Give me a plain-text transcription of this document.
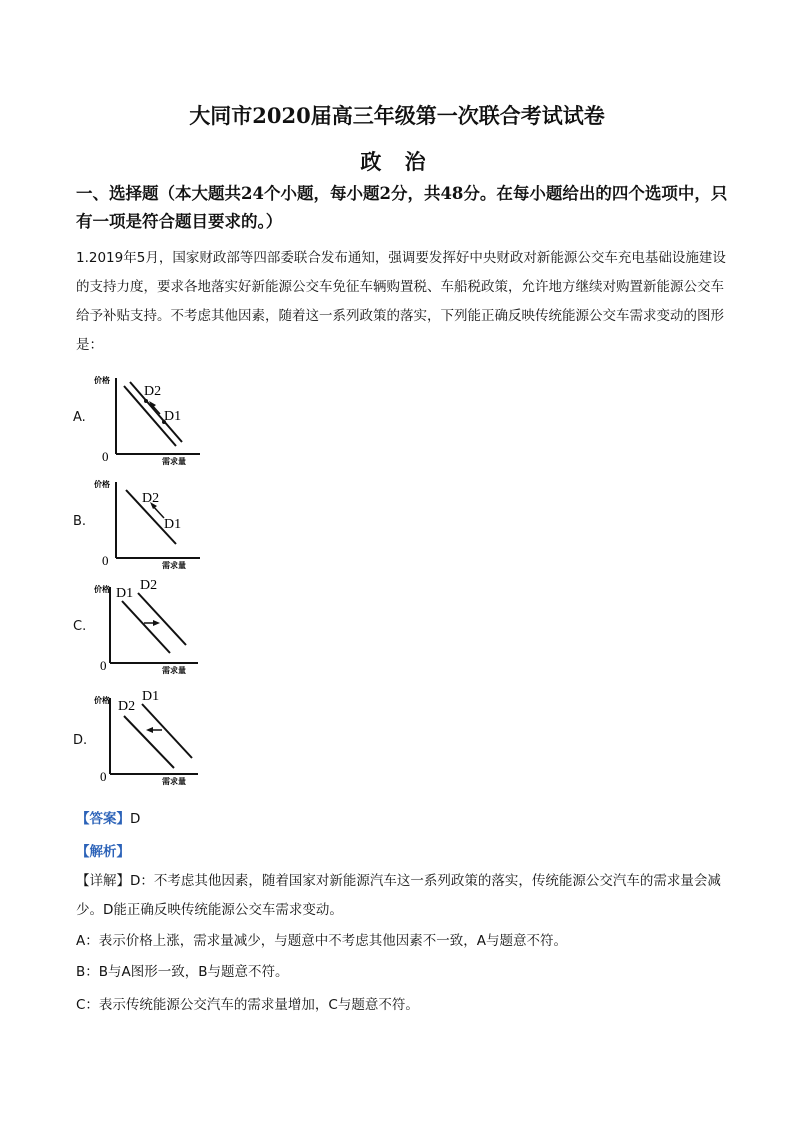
大同市2020届高三年级第一次联合考试试卷
政 治
一、选择题（本大题共24个小题，每小题2分，共48分。在每小题给出的四个选项中，只有一项是符合题目要求的。）
1.2019年5月，国家财政部等四部委联合发布通知，强调要发挥好中央财政对新能源公交车充电基础设施建设的支持力度，要求各地落实好新能源公交车免征车辆购置税、车船税政策，允许地方继续对购置新能源公交车给予补贴支持。不考虑其他因素，随着这一系列政策的落实，下列能正确反映传统能源公交车需求变动的图形是：
A.
价格
0	需求量
D2
D1
B.
价格
0	需求量
D2
D1
C.
价格
0	需求量
D1
D2
D.
价格
0	需求量
D2
D1
【答案】D
【解析】
【详解】D：不考虑其他因素，随着国家对新能源汽车这一系列政策的落实，传统能源公交汽车的需求量会减少。D能正确反映传统能源公交车需求变动。
A：表示价格上涨，需求量减少，与题意中不考虑其他因素不一致，A与题意不符。
B：B与A图形一致，B与题意不符。
C：表示传统能源公交汽车的需求量增加，C与题意不符。
